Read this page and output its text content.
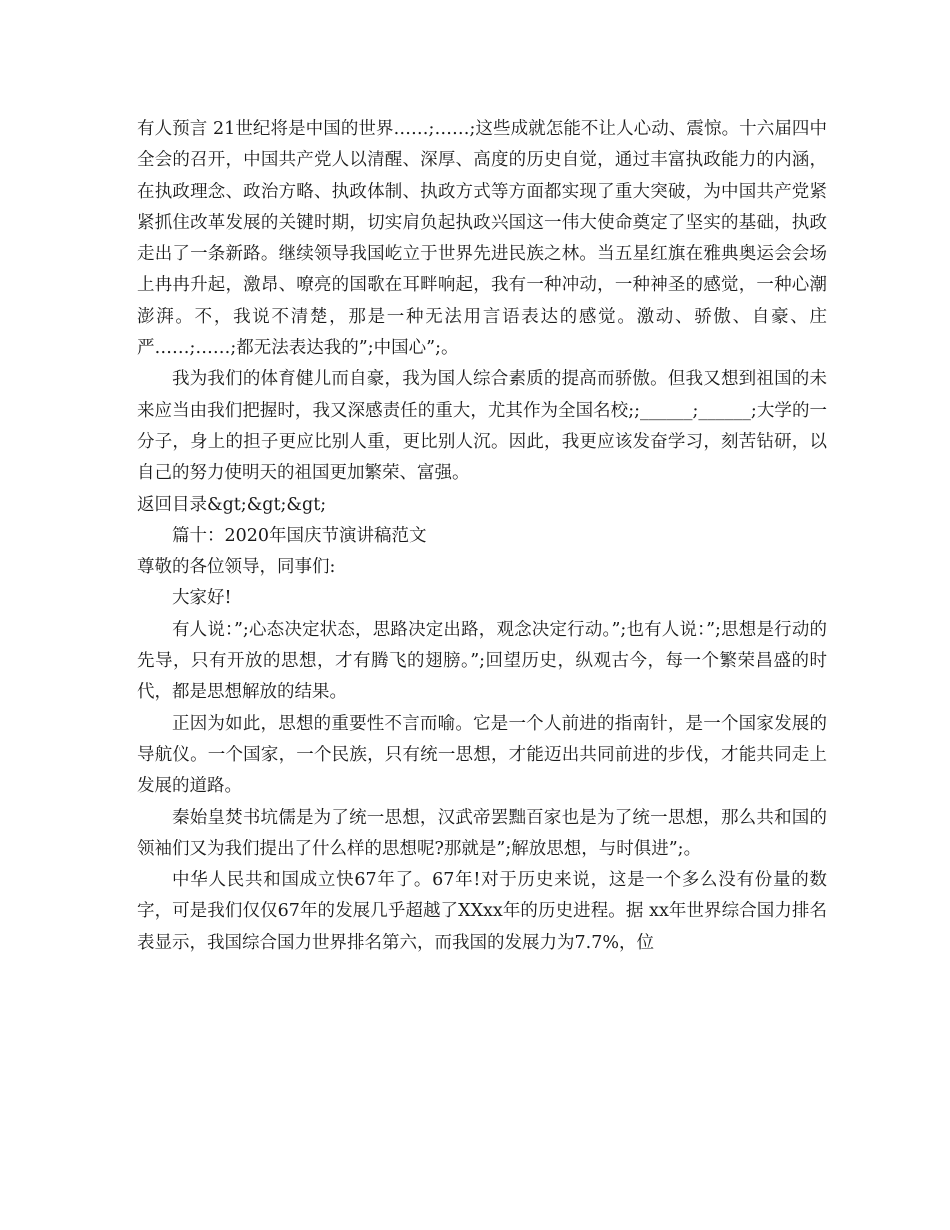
有人预言 21世纪将是中国的世界……;……;这些成就怎能不让人心动、震惊。十六届四中全会的召开，中国共产党人以清醒、深厚、高度的历史自觉，通过丰富执政能力的内涵，在执政理念、政治方略、执政体制、执政方式等方面都实现了重大突破，为中国共产党紧紧抓住改革发展的关键时期，切实肩负起执政兴国这一伟大使命奠定了坚实的基础，执政走出了一条新路。继续领导我国屹立于世界先进民族之林。当五星红旗在雅典奥运会会场上冉冉升起，激昂、嘹亮的国歌在耳畔响起，我有一种冲动，一种神圣的感觉，一种心潮澎湃。不，我说不清楚，那是一种无法用言语表达的感觉。激动、骄傲、自豪、庄严……;……;都无法表达我的”;中国心”;。

我为我们的体育健儿而自豪，我为国人综合素质的提高而骄傲。但我又想到祖国的未来应当由我们把握时，我又深感责任的重大，尤其作为全国名校;;______;______;大学的一分子，身上的担子更应比别人重，更比别人沉。因此，我更应该发奋学习，刻苦钻研，以自己的努力使明天的祖国更加繁荣、富强。

返回目录&gt;&gt;&gt;

篇十：2020年国庆节演讲稿范文

尊敬的各位领导，同事们:

大家好!

有人说：”;心态决定状态，思路决定出路，观念决定行动。”;也有人说：”;思想是行动的先导，只有开放的思想，才有腾飞的翅膀。”;回望历史，纵观古今，每一个繁荣昌盛的时代，都是思想解放的结果。

正因为如此，思想的重要性不言而喻。它是一个人前进的指南针，是一个国家发展的导航仪。一个国家，一个民族，只有统一思想，才能迈出共同前进的步伐，才能共同走上发展的道路。

秦始皇焚书坑儒是为了统一思想，汉武帝罢黜百家也是为了统一思想，那么共和国的领袖们又为我们提出了什么样的思想呢?那就是”;解放思想，与时俱进”;。

中华人民共和国成立快67年了。67年!对于历史来说，这是一个多么没有份量的数字，可是我们仅仅67年的发展几乎超越了XXxx年的历史进程。据 xx年世界综合国力排名表显示，我国综合国力世界排名第六，而我国的发展力为7.7%，位
